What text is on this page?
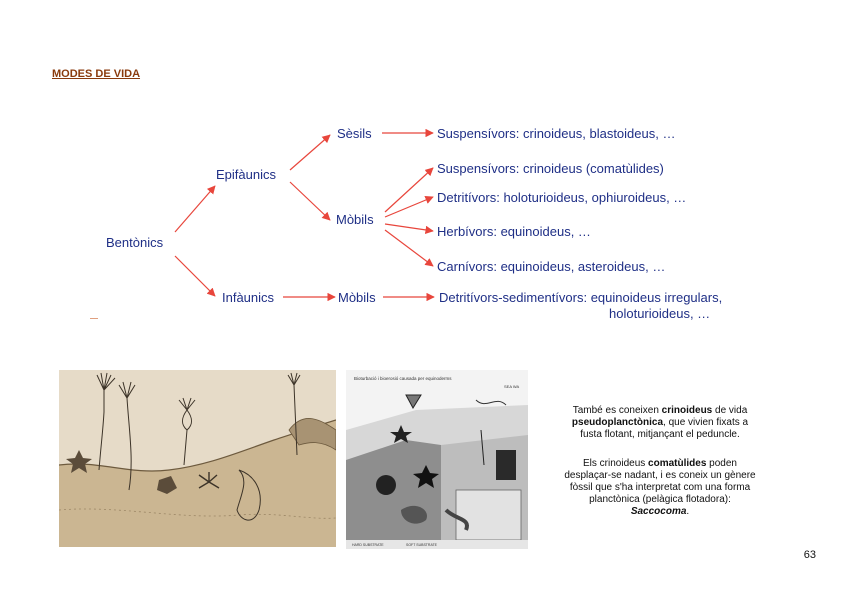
MODES DE VIDA
Bentònics
Epifàunics
Infàunics
Sèsils
Mòbils
Mòbils
Suspensívors: crinoideus, blastoideus, …
Suspensívors: crinoideus (comatùlides)
Detritívors: holoturioideus, ophiuroideus, …
Herbívors: equinoideus, …
Carnívors: equinoideus, asteroideus, …
Detritívors-sedimentívors: equinoideus irregulars,
holoturioideus, …
Bioturbació i bioerosió causada per equinoderms
SEA WA
HARD SUBSTRATE	SOFT SUBSTRATE
També es coneixen crinoideus de vida pseudoplanctònica, que vivien fixats a fusta flotant, mitjançant el peduncle.
Els crinoideus comatùlides poden desplaçar-se nadant, i es coneix un gènere fòssil que s'ha interpretat com una forma planctònica (pelàgica flotadora): Saccocoma.
63
